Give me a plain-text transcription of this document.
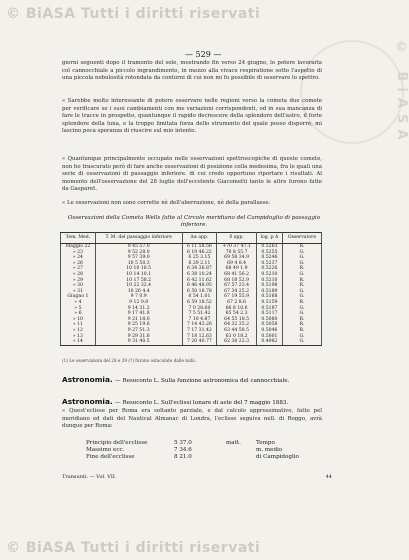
© BiASA Tutti i diritti riservati
© BiASA
— 529 —
giorni seguenti dopo il tramonto del sole, mostrando fin verso 24 giugno, lo potere lavorarla col cannocchiale a piccolo ingrandimento, in mezzo alla vivace respiratione sotto l'aspetto di una piccola nebulosità rotondata da contorni di cui non mi fu possibile di osservare lo spettro.
« Sarebbe molto interessante di potere osservare nelle regioni verso la cometa due comete per verificare se i suoi cambiamenti con me variazioni corrispondenti, od in sua mancanza di fare le tracce in prospetto, quantunque il rapido decrescere della splendore dell'astro, il forte splendore della luna, e la troppo limitata forza dello strumento del quale posso disporre, mi lascino poca speranza di riuscire sul mio intento.
« Quantunque principalmente occupato nelle osservazioni spettroscopiche di queste comete, non ho trascurato però di fare anche osservazioni di posizione colla medesima, fra le quali una serie di osservazioni di passaggio inferiore. di cui credo opportuno riportare i risultati. Al momento dell'osservazione del 28 luglio dell'eccelente Giacometti tanto le altre furono fatte da Gasparet.
« Le osservazioni non sono corrette nè dell'aberrazione, nè della parallasse.
Osservazioni della Cometa Wells fatte al Circolo meridiano del Campidoglio di passaggio inferiore.
Tem. Med.	T. M. del passaggio inferiore	Δα app.	δ app.	log. p Δ	Osservatore
Maggio 22	9 45 57.0	6 11 58.56	+70 37 47.1	0.5263	R.
» 23	9 52 28.0	6 19 46.22	70 8 55.7	0.5255	G.
» 24	9 57 39.0	6 25 3.15	69 58 34.9	0.5246	G.
» 26	10 5 50.3	6 29 2.11	69 4 8.4	0.5237	G.
» 27	10 10 18.5	6 34 36.87	68 49 1.9	0.5226	R.
» 28	10 14 10.1	6 38 10.24	68 41 56.2	0.5210	G.
» 29	10 17 58.2	6 42 11.62	68 18 52.9	0.5210	R.
» 30	10 22 32.4	6 46 48.95	67 57 23.4	0.5198	R.
» 31	10 26 4.4	6 50 18.78	67 34 25.2	0.5189	G.
Giugno 1	9 7 0.9	6 54 1.01	67 19 55.9	0.5168	G.
» 4	9 12 9.8	6 59 18.52	67 2 8.6	0.5159	R.
» 5	9 14 31.2	7 0 28.60	66 8 10.6	0.5187	G.
» 6	9 17 41.8	7 5 51.42	65 54 2.3	0.5117	G.
» 10	9 21 18.0	7 10 4.87	64 55 18.5	0.5080	R.
» 11	9 25 19.6	7 14 43.26	64 32 35.2	0.5058	R.
» 12	9 27 51.3	7 17 31.42	63 44 58.5	0.5046	R.
» 13	9 29 31.6	7 18 12.63	63 0 18.2	0.5001	G.
» 14	9 31 40.5	7 20 40.77	62 38 22.3	0.4982	G.
(1) Le osservazioni del 28 e 29 (?) furono ostacolate dalle nubi.
Astronomia. — Resoconto L. Sulla funzione astronomica del cannocchiale.
Astronomia. — Resoconto L. Sull'eclissi lunare di aste del 7 maggio 1883.
« Quest'eclisse per Roma era soltanto parziale, e dal calcolo approssimativo, fatto pel meridiano ed dati del Nautical Almanac di Londra, l'eclisse seguiva nell. di Roggo, avrà dunque per Roma:
Principio dell'ecclisse	5 37.0	matt.	Tempo
Massimo ecc.	7 34.6	m. medio
Fine dell'ecclisse	8 21.0	di Campidoglio
Transunti. — Vol. VII.	44
© BiASA Tutti i diritti riservati
